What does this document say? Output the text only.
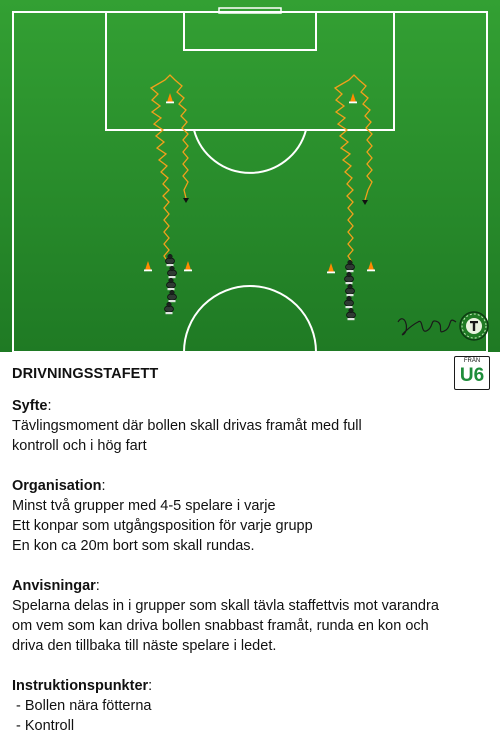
DRIVNINGSSTAFETT
FRÅN
U6
Syfte:
Tävlingsmoment där bollen skall drivas framåt med full
kontroll och i hög fart
Organisation:
Minst två grupper med 4-5 spelare i varje
Ett konpar som utgångsposition för varje grupp
En kon ca 20m bort som skall rundas.
Anvisningar:
Spelarna delas in i grupper som skall tävla staffettvis mot varandra
om vem som kan driva bollen snabbast framåt, runda en kon och
driva den tillbaka till näste spelare i ledet.
Instruktionspunkter:
- Bollen nära fötterna
- Kontroll
